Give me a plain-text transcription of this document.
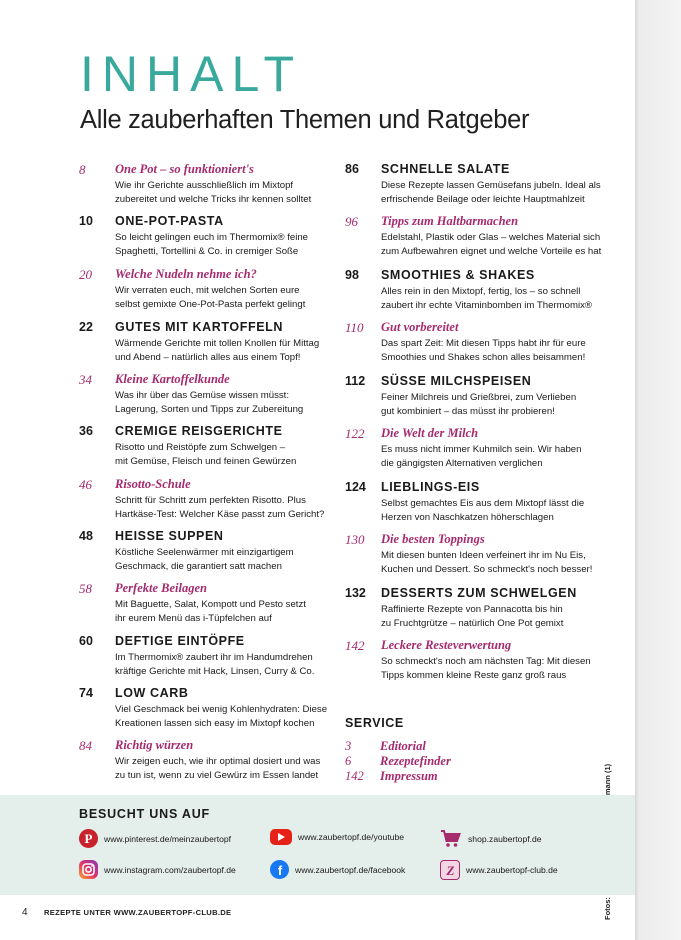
INHALT
Alle zauberhaften Themen und Ratgeber
8	One Pot – so funktioniert's
Wie ihr Gerichte ausschließlich im Mixtopf
zubereitet und welche Tricks ihr kennen solltet
10	ONE-POT-PASTA
So leicht gelingen euch im Thermomix® feine
Spaghetti, Tortellini & Co. in cremiger Soße
20	Welche Nudeln nehme ich?
Wir verraten euch, mit welchen Sorten eure
selbst gemixte One-Pot-Pasta perfekt gelingt
22	GUTES MIT KARTOFFELN
Wärmende Gerichte mit tollen Knollen für Mittag
und Abend – natürlich alles aus einem Topf!
34	Kleine Kartoffelkunde
Was ihr über das Gemüse wissen müsst:
Lagerung, Sorten und Tipps zur Zubereitung
36	CREMIGE REISGERICHTE
Risotto und Reistöpfe zum Schwelgen –
mit Gemüse, Fleisch und feinen Gewürzen
46	Risotto-Schule
Schritt für Schritt zum perfekten Risotto. Plus
Hartkäse-Test: Welcher Käse passt zum Gericht?
48	HEISSE SUPPEN
Köstliche Seelenwärmer mit einzigartigem
Geschmack, die garantiert satt machen
58	Perfekte Beilagen
Mit Baguette, Salat, Kompott und Pesto setzt
ihr eurem Menü das i-Tüpfelchen auf
60	DEFTIGE EINTÖPFE
Im Thermomix® zaubert ihr im Handumdrehen
kräftige Gerichte mit Hack, Linsen, Curry & Co.
74	LOW CARB
Viel Geschmack bei wenig Kohlenhydraten: Diese
Kreationen lassen sich easy im Mixtopf kochen
84	Richtig würzen
Wir zeigen euch, wie ihr optimal dosiert und was
zu tun ist, wenn zu viel Gewürz im Essen landet
86	SCHNELLE SALATE
Diese Rezepte lassen Gemüsefans jubeln. Ideal als
erfrischende Beilage oder leichte Hauptmahlzeit
96	Tipps zum Haltbarmachen
Edelstahl, Plastik oder Glas – welches Material sich
zum Aufbewahren eignet und welche Vorteile es hat
98	SMOOTHIES & SHAKES
Alles rein in den Mixtopf, fertig, los – so schnell
zaubert ihr echte Vitaminbomben im Thermomix®
110	Gut vorbereitet
Das spart Zeit: Mit diesen Tipps habt ihr für eure
Smoothies und Shakes schon alles beisammen!
112	SÜSSE MILCHSPEISEN
Feiner Milchreis und Grießbrei, zum Verlieben
gut kombiniert – das müsst ihr probieren!
122	Die Welt der Milch
Es muss nicht immer Kuhmilch sein. Wir haben
die gängigsten Alternativen verglichen
124	LIEBLINGS-EIS
Selbst gemachtes Eis aus dem Mixtopf lässt die
Herzen von Naschkatzen höherschlagen
130	Die besten Toppings
Mit diesen bunten Ideen verfeinert ihr im Nu Eis,
Kuchen und Dessert. So schmeckt's noch besser!
132	DESSERTS ZUM SCHWELGEN
Raffinierte Rezepte von Pannacotta bis hin
zu Fruchtgrütze – natürlich One Pot gemixt
142	Leckere Resteverwertung
So schmeckt's noch am nächsten Tag: Mit diesen
Tipps kommen kleine Reste ganz groß raus
SERVICE
3 Editorial
6 Rezeptefinder
142 Impressum
BESUCHT UNS AUF
P www.pinterest.de/meinzaubertopf	www.zaubertopf.de/youtube	shop.zaubertopf.de
www.instagram.com/zaubertopf.de	f www.zaubertopf.de/facebook	Z www.zaubertopf-club.de
4 REZEPTE UNTER WWW.ZAUBERTOPF-CLUB.DE
